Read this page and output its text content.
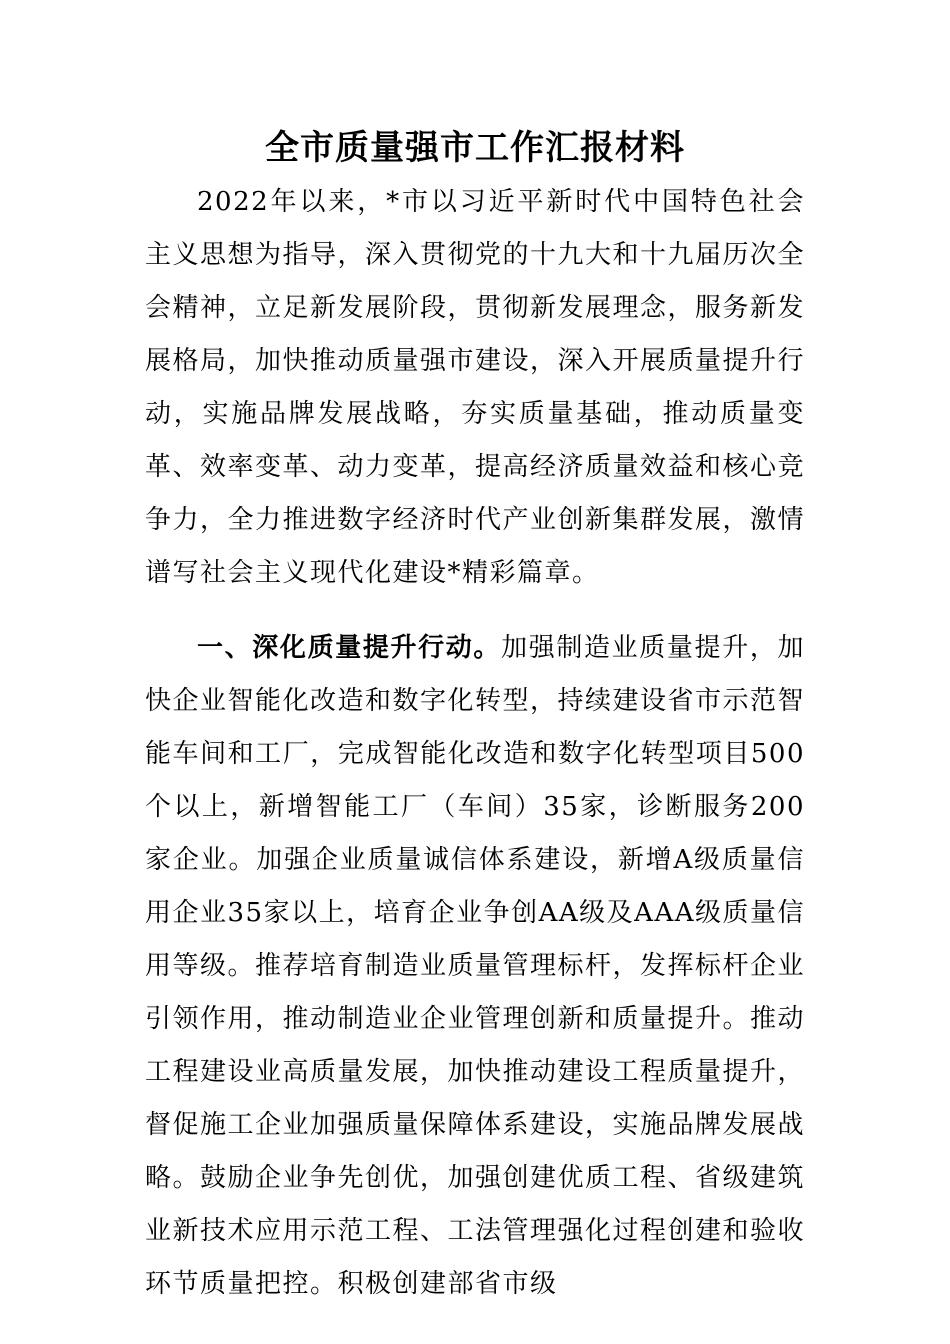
全市质量强市工作汇报材料

2022年以来，*市以习近平新时代中国特色社会主义思想为指导，深入贯彻党的十九大和十九届历次全会精神，立足新发展阶段，贯彻新发展理念，服务新发展格局，加快推动质量强市建设，深入开展质量提升行动，实施品牌发展战略，夯实质量基础，推动质量变革、效率变革、动力变革，提高经济质量效益和核心竞争力，全力推进数字经济时代产业创新集群发展，激情谱写社会主义现代化建设*精彩篇章。

一、深化质量提升行动。加强制造业质量提升，加快企业智能化改造和数字化转型，持续建设省市示范智能车间和工厂，完成智能化改造和数字化转型项目500个以上，新增智能工厂（车间）35家，诊断服务200家企业。加强企业质量诚信体系建设，新增A级质量信用企业35家以上，培育企业争创AA级及AAA级质量信用等级。推荐培育制造业质量管理标杆，发挥标杆企业引领作用，推动制造业企业管理创新和质量提升。推动工程建设业高质量发展，加快推动建设工程质量提升，督促施工企业加强质量保障体系建设，实施品牌发展战略。鼓励企业争先创优，加强创建优质工程、省级建筑业新技术应用示范工程、工法管理强化过程创建和验收环节质量把控。积极创建部省市级
